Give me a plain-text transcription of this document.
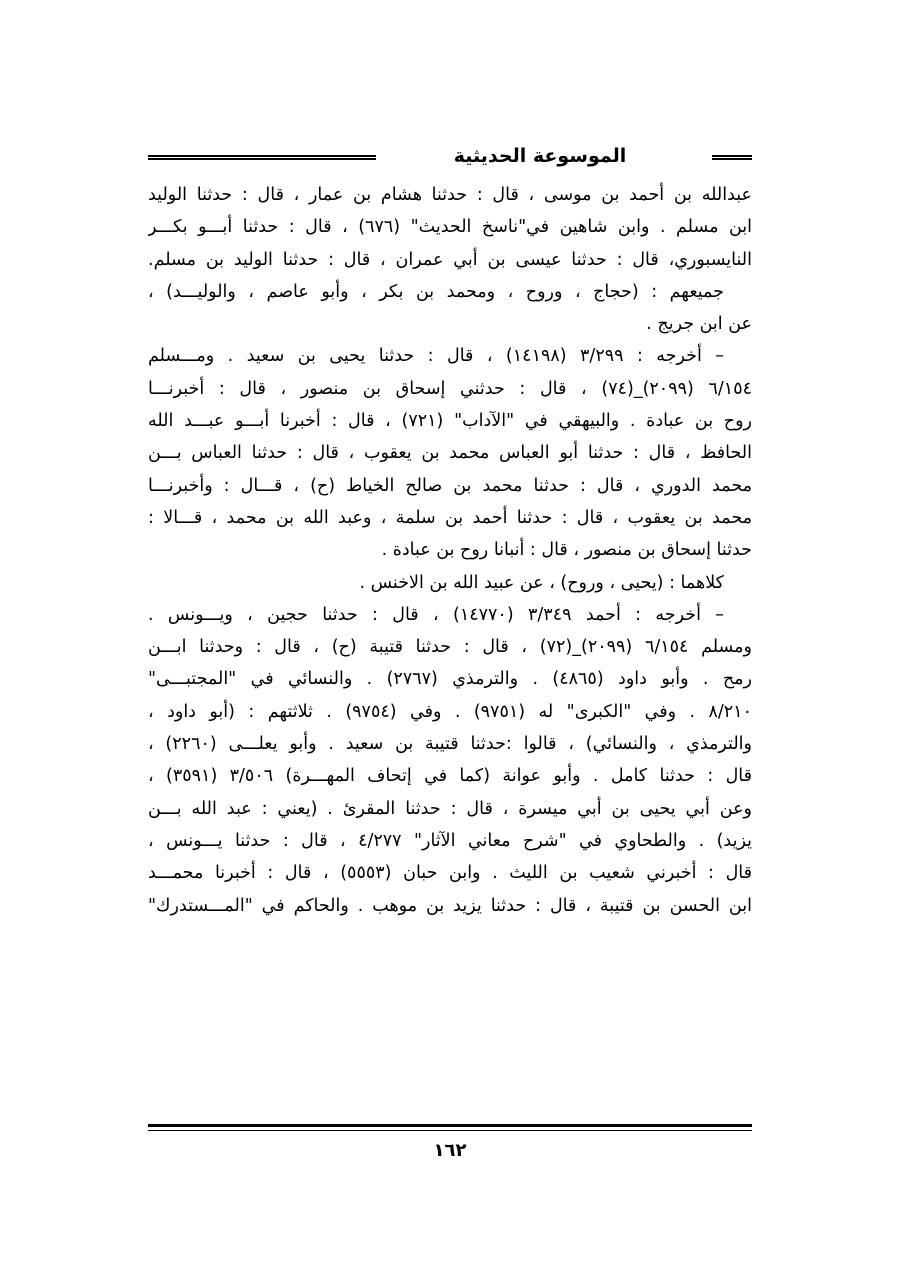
الموسوعة الحديثية
عبدالله بن أحمد بن موسى ، قال : حدثنا هشام بن عمار ، قال : حدثنا الوليد
ابن مسلم . وابن شاهين في"ناسخ الحديث" (٦٧٦) ، قال : حدثنا أبـــو بكـــر
النايسبوري، قال : حدثنا عيسى بن أبي عمران ، قال : حدثنا الوليد بن مسلم.
جميعهم : (حجاج ، وروح ، ومحمد بن بكر ، وأبو عاصم ، والوليـــد) ،
عن ابن جريج .
– أخرجه : ٣/٢٩٩ (١٤١٩٨) ، قال : حدثنا يحيى بن سعيد . ومـــسلم
٦/١٥٤ (٢٠٩٩)_(٧٤) ، قال : حدثني إسحاق بن منصور ، قال : أخبرنـــا
روح بن عبادة . والبيهقي في "الآداب" (٧٢١) ، قال : أخبرنا أبـــو عبـــد الله
الحافظ ، قال : حدثنا أبو العباس محمد بن يعقوب ، قال : حدثنا العباس بـــن
محمد الدوري ، قال : حدثنا محمد بن صالح الخياط (ح) ، قـــال : وأخبرنـــا
محمد بن يعقوب ، قال : حدثنا أحمد بن سلمة ، وعبد الله بن محمد ، قـــالا :
حدثنا إسحاق بن منصور ، قال : أنبانا روح بن عبادة .
كلاهما : (يحيى ، وروح) ، عن عبيد الله بن الاخنس .
– أخرجه : أحمد ٣/٣٤٩ (١٤٧٧٠) ، قال : حدثنا حجين ، ويـــونس .
ومسلم ٦/١٥٤ (٢٠٩٩)_(٧٢) ، قال : حدثنا قتيبة (ح) ، قال : وحدثنا ابـــن
رمح . وأبو داود (٤٨٦٥) . والترمذي (٢٧٦٧) . والنسائي في "المجتبـــى"
٨/٢١٠ . وفي "الكبرى" له (٩٧٥١) . وفي (٩٧٥٤) . ثلاثتهم : (أبو داود ،
والترمذي ، والنسائي) ، قالوا :حدثنا قتيبة بن سعيد . وأبو يعلـــى (٢٢٦٠) ،
قال : حدثنا كامل . وأبو عوانة (كما في إتحاف المهـــرة) ٣/٥٠٦ (٣٥٩١) ،
وعن أبي يحيى بن أبي ميسرة ، قال : حدثنا المقرئ . (يعني : عبد الله بـــن
يزيد) . والطحاوي في "شرح معاني الآثار" ٤/٢٧٧ ، قال : حدثنا يـــونس ،
قال : أخبرني شعيب بن الليث . وابن حبان (٥٥٥٣) ، قال : أخبرنا محمـــد
ابن الحسن بن قتيبة ، قال : حدثنا يزيد بن موهب . والحاكم في "المـــستدرك"
١٦٢
